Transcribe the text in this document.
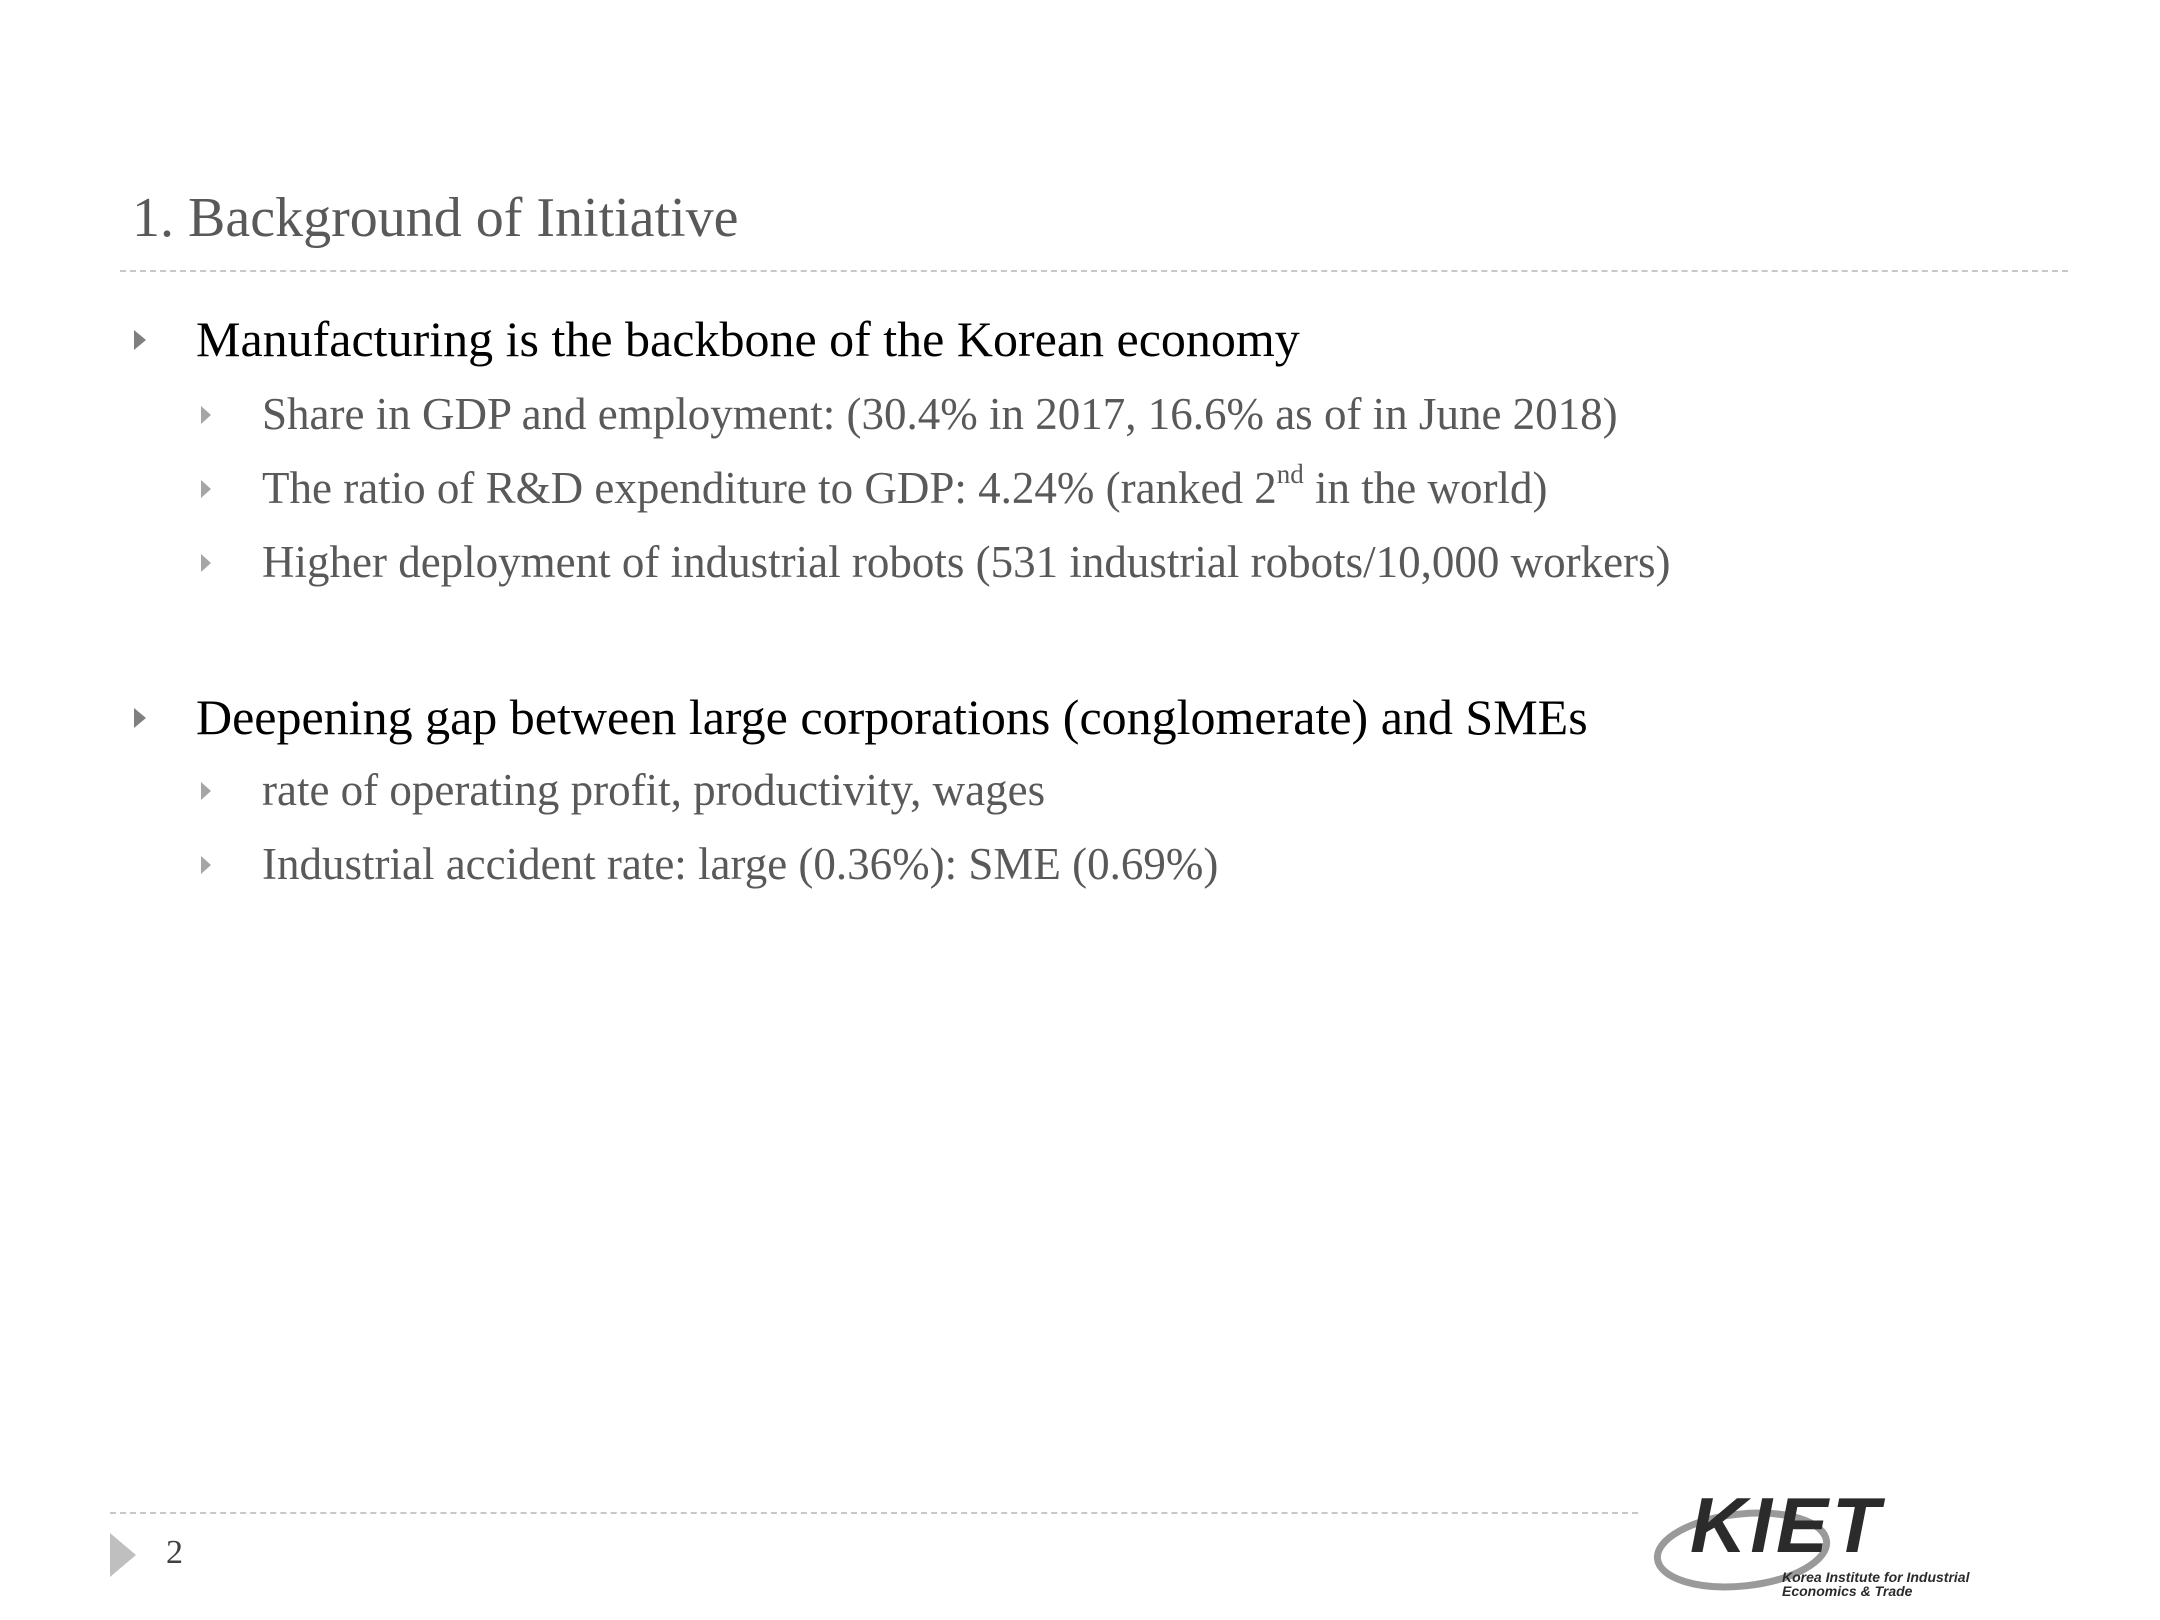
1. Background of Initiative
Manufacturing is the backbone of the Korean economy
Share in GDP and employment: (30.4% in 2017, 16.6% as of in June 2018)
The ratio of R&D expenditure to GDP: 4.24% (ranked 2nd in the world)
Higher deployment of industrial robots (531 industrial robots/10,000 workers)
Deepening gap between large corporations (conglomerate) and SMEs
rate of operating profit, productivity, wages
Industrial accident rate: large (0.36%): SME (0.69%)
2	KIET
Korea Institute for Industrial
Economics & Trade
